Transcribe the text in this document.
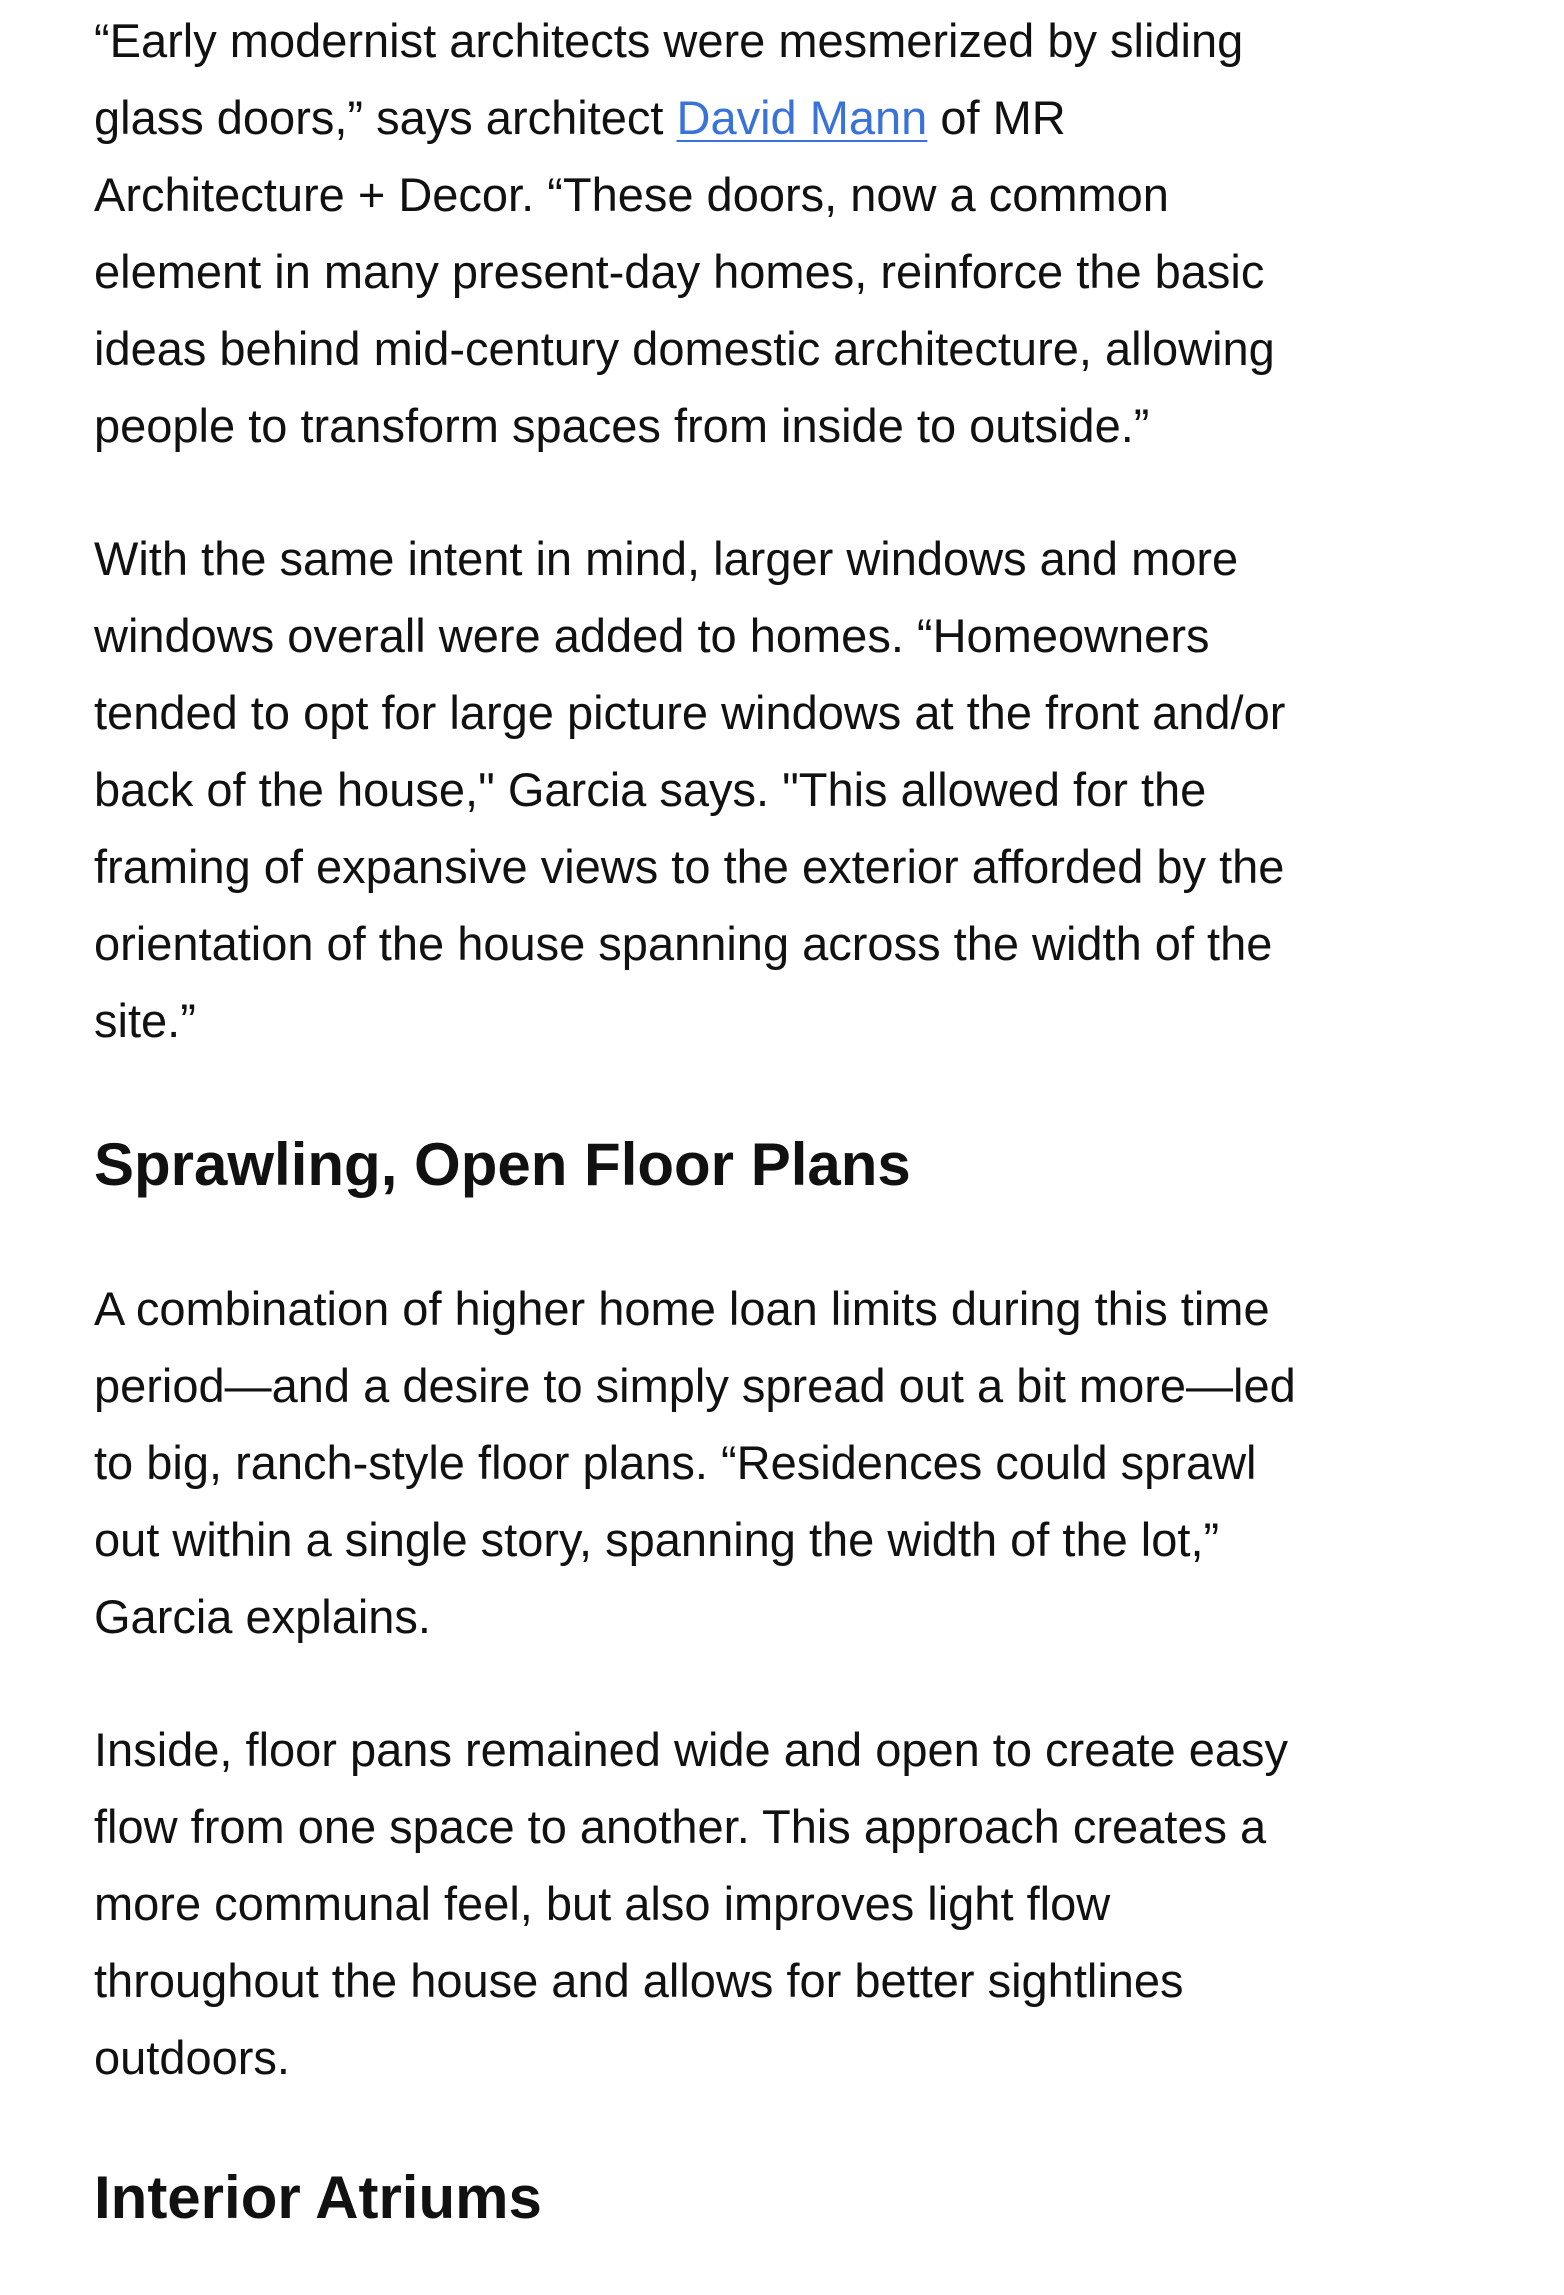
“Early modernist architects were mesmerized by sliding
glass doors,” says architect David Mann of MR
Architecture + Decor. “These doors, now a common
element in many present-day homes, reinforce the basic
ideas behind mid-century domestic architecture, allowing
people to transform spaces from inside to outside.”

With the same intent in mind, larger windows and more
windows overall were added to homes. “Homeowners
tended to opt for large picture windows at the front and/or
back of the house," Garcia says. "This allowed for the
framing of expansive views to the exterior afforded by the
orientation of the house spanning across the width of the
site.”

Sprawling, Open Floor Plans

A combination of higher home loan limits during this time
period—and a desire to simply spread out a bit more—led
to big, ranch-style floor plans. “Residences could sprawl
out within a single story, spanning the width of the lot,”
Garcia explains.

Inside, floor pans remained wide and open to create easy
flow from one space to another. This approach creates a
more communal feel, but also improves light flow
throughout the house and allows for better sightlines
outdoors.

Interior Atriums
